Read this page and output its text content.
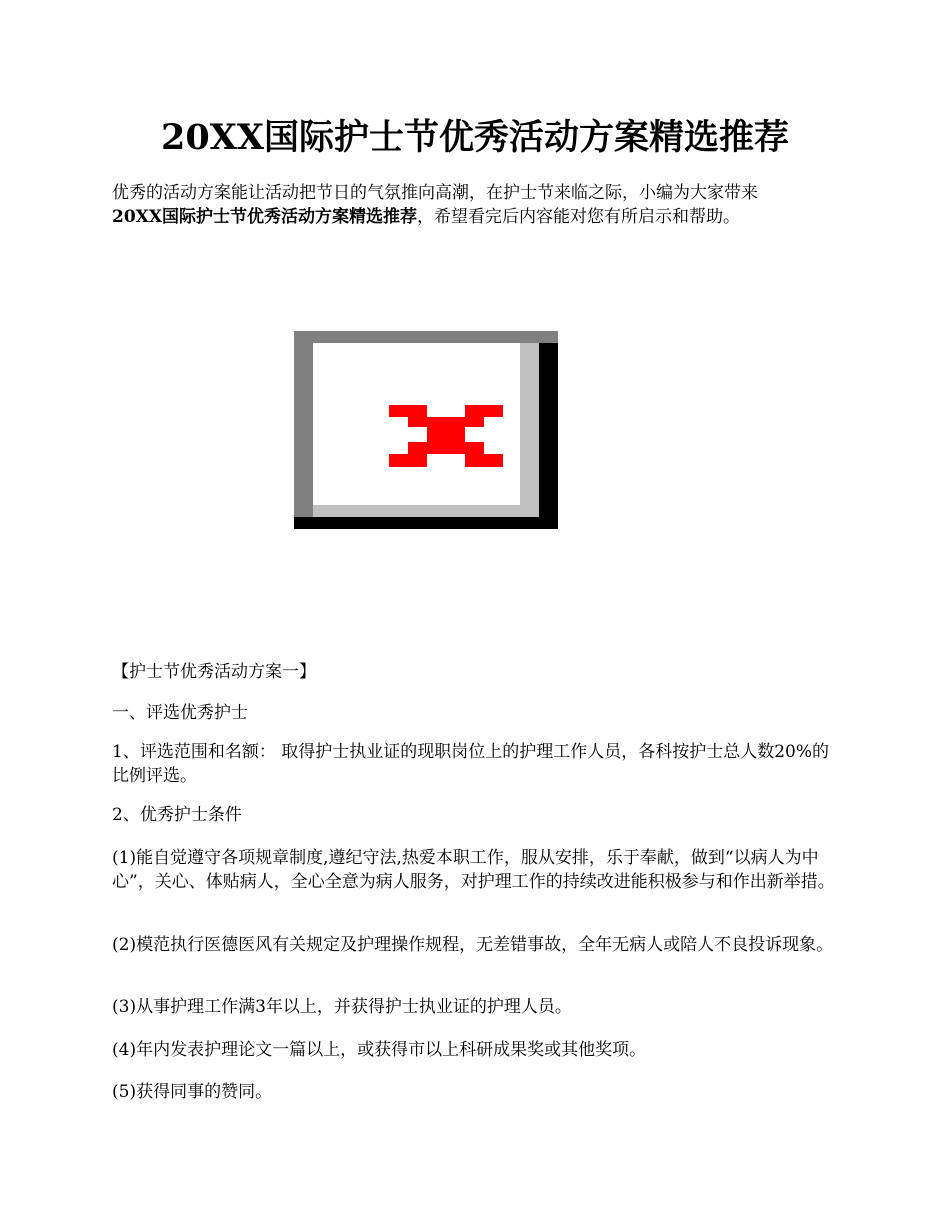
20XX国际护士节优秀活动方案精选推荐

优秀的活动方案能让活动把节日的气氛推向高潮，在护士节来临之际，小编为大家带来
20XX国际护士节优秀活动方案精选推荐，希望看完后内容能对您有所启示和帮助。

【护士节优秀活动方案一】

一、评选优秀护士

1、评选范围和名额： 取得护士执业证的现职岗位上的护理工作人员，各科按护士总人数20%的比例评选。

2、优秀护士条件

(1)能自觉遵守各项规章制度,遵纪守法,热爱本职工作，服从安排，乐于奉献，做到“以病人为中心”，关心、体贴病人，全心全意为病人服务，对护理工作的持续改进能积极参与和作出新举措。

(2)模范执行医德医风有关规定及护理操作规程，无差错事故，全年无病人或陪人不良投诉现象。

(3)从事护理工作满3年以上，并获得护士执业证的护理人员。

(4)年内发表护理论文一篇以上，或获得市以上科研成果奖或其他奖项。

(5)获得同事的赞同。
